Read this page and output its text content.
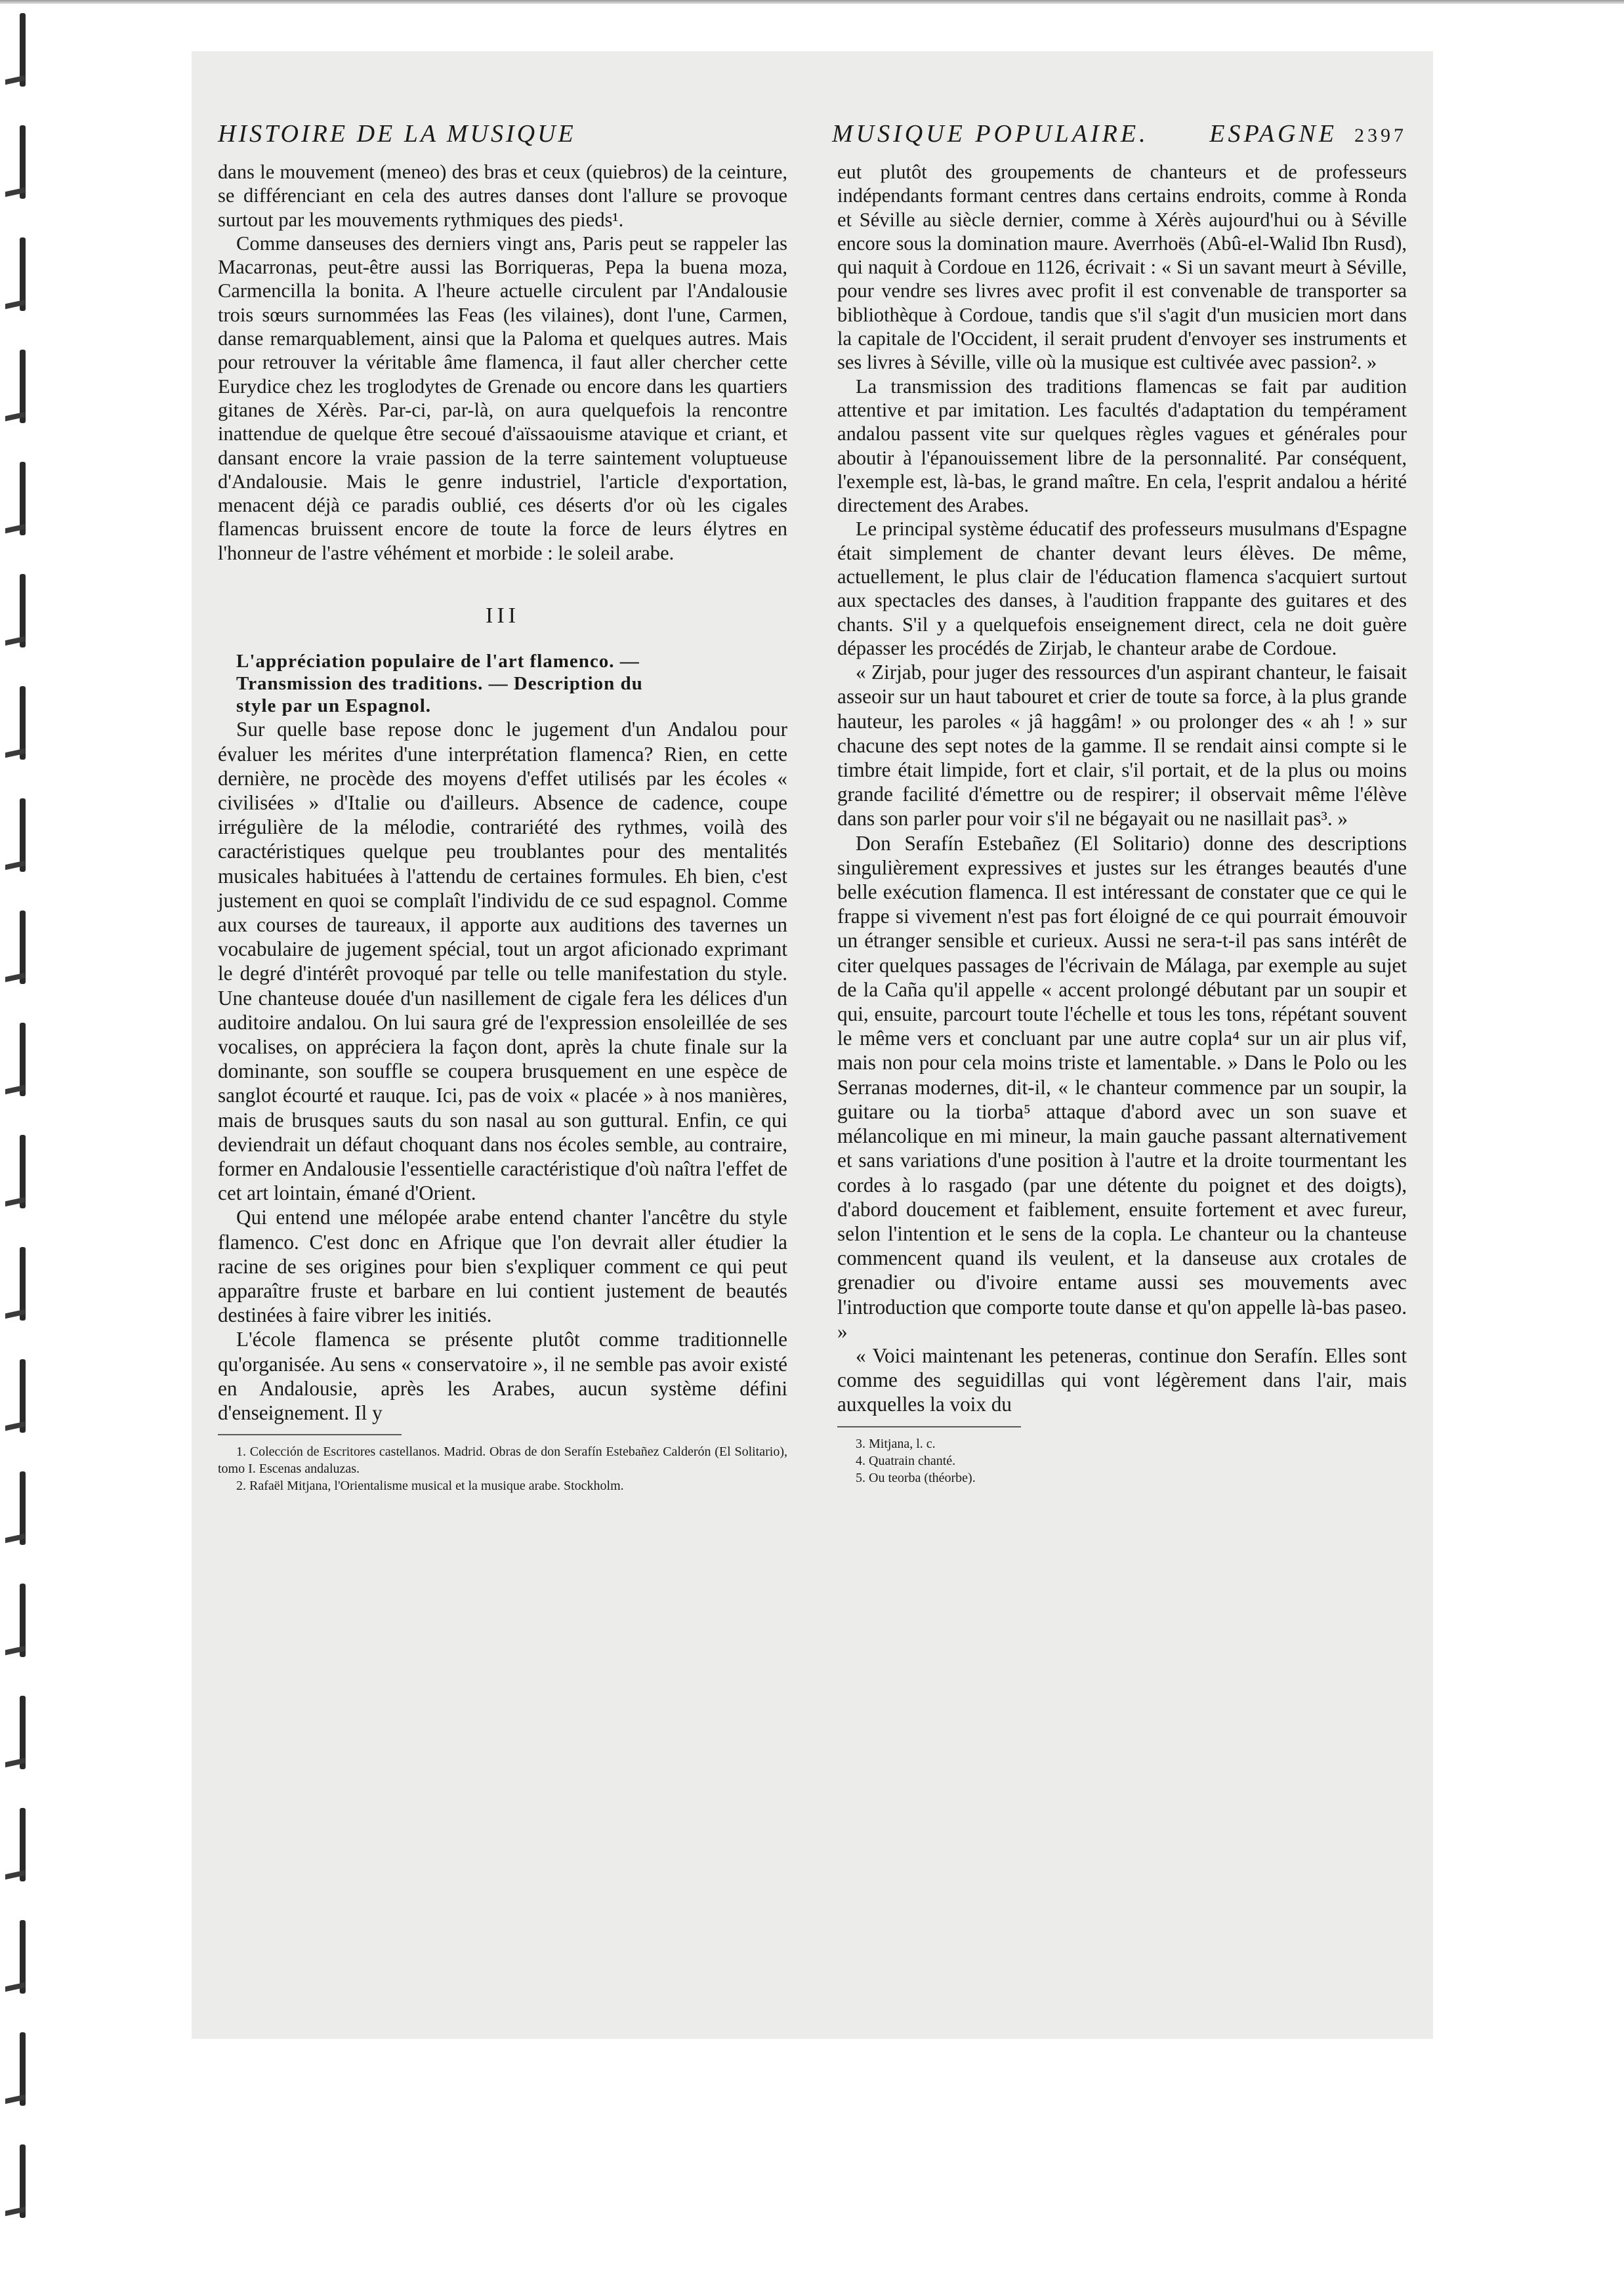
HISTOIRE DE LA MUSIQUE	MUSIQUE POPULAIRE. ESPAGNE 2397

dans le mouvement (meneo) des bras et ceux (quiebros) de la ceinture, se différenciant en cela des autres danses dont l'allure se provoque surtout par les mouvements rythmiques des pieds¹.

Comme danseuses des derniers vingt ans, Paris peut se rappeler las Macarronas, peut-être aussi las Borriqueras, Pepa la buena moza, Carmencilla la bonita. A l'heure actuelle circulent par l'Andalousie trois sœurs surnommées las Feas (les vilaines), dont l'une, Carmen, danse remarquablement, ainsi que la Paloma et quelques autres. Mais pour retrouver la véritable âme flamenca, il faut aller chercher cette Eurydice chez les troglodytes de Grenade ou encore dans les quartiers gitanes de Xérès. Par-ci, par-là, on aura quelquefois la rencontre inattendue de quelque être secoué d'aïssaouisme atavique et criant, et dansant encore la vraie passion de la terre saintement voluptueuse d'Andalousie. Mais le genre industriel, l'article d'exportation, menacent déjà ce paradis oublié, ces déserts d'or où les cigales flamencas bruissent encore de toute la force de leurs élytres en l'honneur de l'astre véhément et morbide : le soleil arabe.

III

L'appréciation populaire de l'art flamenco. —
Transmission des traditions. — Description du
style par un Espagnol.

Sur quelle base repose donc le jugement d'un Andalou pour évaluer les mérites d'une interprétation flamenca? Rien, en cette dernière, ne procède des moyens d'effet utilisés par les écoles « civilisées » d'Italie ou d'ailleurs. Absence de cadence, coupe irrégulière de la mélodie, contrariété des rythmes, voilà des caractéristiques quelque peu troublantes pour des mentalités musicales habituées à l'attendu de certaines formules. Eh bien, c'est justement en quoi se complaît l'individu de ce sud espagnol. Comme aux courses de taureaux, il apporte aux auditions des tavernes un vocabulaire de jugement spécial, tout un argot aficionado exprimant le degré d'intérêt provoqué par telle ou telle manifestation du style. Une chanteuse douée d'un nasillement de cigale fera les délices d'un auditoire andalou. On lui saura gré de l'expression ensoleillée de ses vocalises, on appréciera la façon dont, après la chute finale sur la dominante, son souffle se coupera brusquement en une espèce de sanglot écourté et rauque. Ici, pas de voix « placée » à nos manières, mais de brusques sauts du son nasal au son guttural. Enfin, ce qui deviendrait un défaut choquant dans nos écoles semble, au contraire, former en Andalousie l'essentielle caractéristique d'où naîtra l'effet de cet art lointain, émané d'Orient.

Qui entend une mélopée arabe entend chanter l'ancêtre du style flamenco. C'est donc en Afrique que l'on devrait aller étudier la racine de ses origines pour bien s'expliquer comment ce qui peut apparaître fruste et barbare en lui contient justement de beautés destinées à faire vibrer les initiés.

L'école flamenca se présente plutôt comme traditionnelle qu'organisée. Au sens « conservatoire », il ne semble pas avoir existé en Andalousie, après les Arabes, aucun système défini d'enseignement. Il y

1. Colección de Escritores castellanos. Madrid. Obras de don Serafín Estebañez Calderón (El Solitario), tomo I. Escenas andaluzas.
2. Rafaël Mitjana, l'Orientalisme musical et la musique arabe. Stockholm.

eut plutôt des groupements de chanteurs et de professeurs indépendants formant centres dans certains endroits, comme à Ronda et Séville au siècle dernier, comme à Xérès aujourd'hui ou à Séville encore sous la domination maure. Averrhoës (Abû-el-Walid Ibn Rusd), qui naquit à Cordoue en 1126, écrivait : « Si un savant meurt à Séville, pour vendre ses livres avec profit il est convenable de transporter sa bibliothèque à Cordoue, tandis que s'il s'agit d'un musicien mort dans la capitale de l'Occident, il serait prudent d'envoyer ses instruments et ses livres à Séville, ville où la musique est cultivée avec passion². »

La transmission des traditions flamencas se fait par audition attentive et par imitation. Les facultés d'adaptation du tempérament andalou passent vite sur quelques règles vagues et générales pour aboutir à l'épanouissement libre de la personnalité. Par conséquent, l'exemple est, là-bas, le grand maître. En cela, l'esprit andalou a hérité directement des Arabes.

Le principal système éducatif des professeurs musulmans d'Espagne était simplement de chanter devant leurs élèves. De même, actuellement, le plus clair de l'éducation flamenca s'acquiert surtout aux spectacles des danses, à l'audition frappante des guitares et des chants. S'il y a quelquefois enseignement direct, cela ne doit guère dépasser les procédés de Zirjab, le chanteur arabe de Cordoue.

« Zirjab, pour juger des ressources d'un aspirant chanteur, le faisait asseoir sur un haut tabouret et crier de toute sa force, à la plus grande hauteur, les paroles « jâ haggâm! » ou prolonger des « ah ! » sur chacune des sept notes de la gamme. Il se rendait ainsi compte si le timbre était limpide, fort et clair, s'il portait, et de la plus ou moins grande facilité d'émettre ou de respirer; il observait même l'élève dans son parler pour voir s'il ne bégayait ou ne nasillait pas³. »

Don Serafín Estebañez (El Solitario) donne des descriptions singulièrement expressives et justes sur les étranges beautés d'une belle exécution flamenca. Il est intéressant de constater que ce qui le frappe si vivement n'est pas fort éloigné de ce qui pourrait émouvoir un étranger sensible et curieux. Aussi ne sera-t-il pas sans intérêt de citer quelques passages de l'écrivain de Málaga, par exemple au sujet de la Caña qu'il appelle « accent prolongé débutant par un soupir et qui, ensuite, parcourt toute l'échelle et tous les tons, répétant souvent le même vers et concluant par une autre copla⁴ sur un air plus vif, mais non pour cela moins triste et lamentable. » Dans le Polo ou les Serranas modernes, dit-il, « le chanteur commence par un soupir, la guitare ou la tiorba⁵ attaque d'abord avec un son suave et mélancolique en mi mineur, la main gauche passant alternativement et sans variations d'une position à l'autre et la droite tourmentant les cordes à lo rasgado (par une détente du poignet et des doigts), d'abord doucement et faiblement, ensuite fortement et avec fureur, selon l'intention et le sens de la copla. Le chanteur ou la chanteuse commencent quand ils veulent, et la danseuse aux crotales de grenadier ou d'ivoire entame aussi ses mouvements avec l'introduction que comporte toute danse et qu'on appelle là-bas paseo. »

« Voici maintenant les peteneras, continue don Serafín. Elles sont comme des seguidillas qui vont légèrement dans l'air, mais auxquelles la voix du

3. Mitjana, l. c.
4. Quatrain chanté.
5. Ou teorba (théorbe).
